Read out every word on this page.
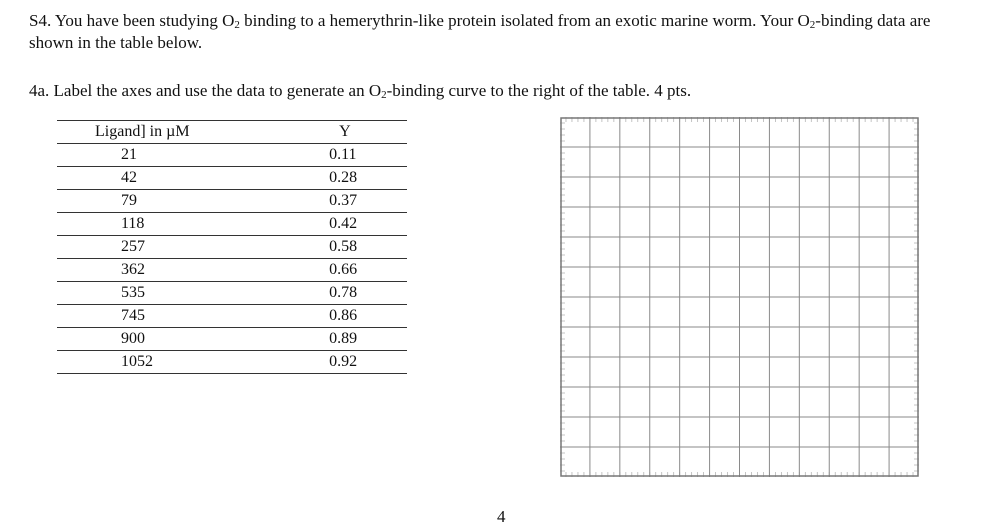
S4. You have been studying $O_2$ binding to a hemerythrin-like protein isolated from an exotic marine worm. Your $O_2$-binding data are shown in the table below.
4a. Label the axes and use the data to generate an $O_2$-binding curve to the right of the table. 4 pts.
Ligand] in µM	Y
21	0.11
42	0.28
79	0.37
118	0.42
257	0.58
362	0.66
535	0.78
745	0.86
900	0.89
1052	0.92
4
